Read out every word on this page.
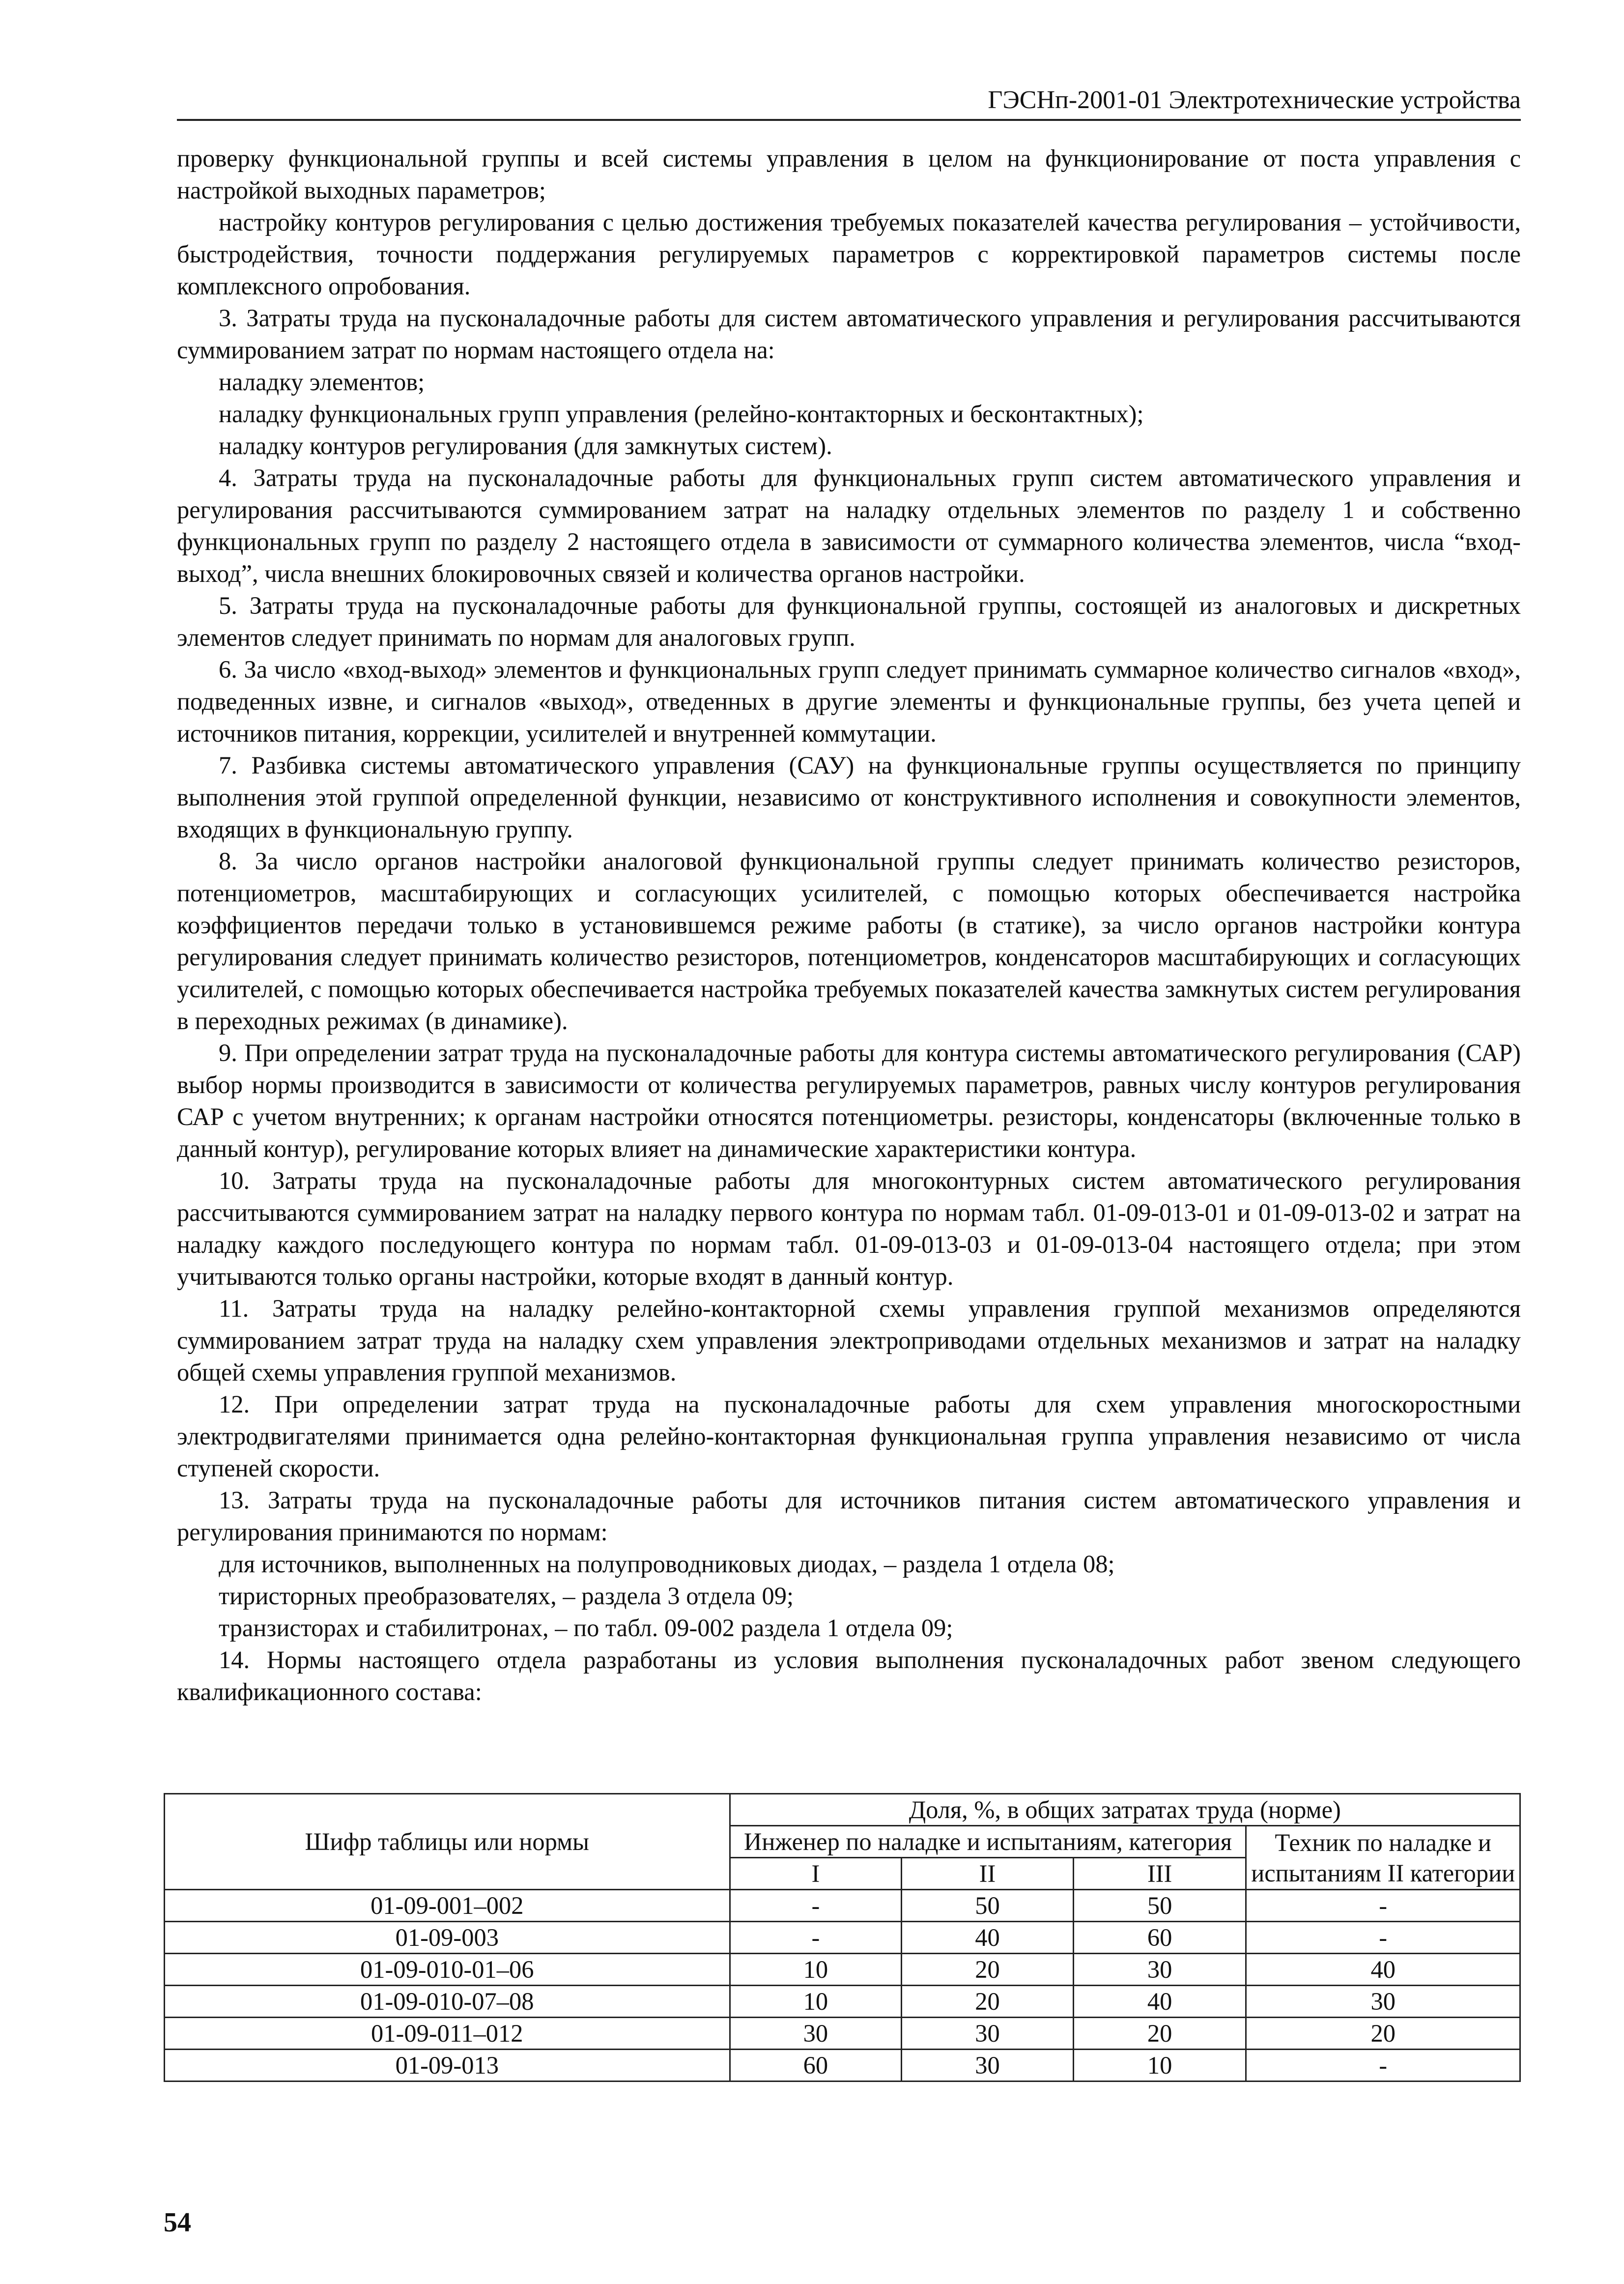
ГЭСНп-2001-01 Электротехнические устройства

проверку функциональной группы и всей системы управления в целом на функционирование от поста управления с настройкой выходных параметров;

настройку контуров регулирования с целью достижения требуемых показателей качества регулирования – устойчивости, быстродействия, точности поддержания регулируемых параметров с корректировкой параметров системы после комплексного опробования.

3. Затраты труда на пусконаладочные работы для систем автоматического управления и регулирования рассчитываются суммированием затрат по нормам настоящего отдела на:

наладку элементов;

наладку функциональных групп управления (релейно-контакторных и бесконтактных);

наладку контуров регулирования (для замкнутых систем).

4. Затраты труда на пусконаладочные работы для функциональных групп систем автоматического управления и регулирования рассчитываются суммированием затрат на наладку отдельных элементов по разделу 1 и собственно функциональных групп по разделу 2 настоящего отдела в зависимости от суммарного количества элементов, числа “вход-выход”, числа внешних блокировочных связей и количества органов настройки.

5. Затраты труда на пусконаладочные работы для функциональной группы, состоящей из аналоговых и дискретных элементов следует принимать по нормам для аналоговых групп.

6. За число «вход-выход» элементов и функциональных групп следует принимать суммарное количество сигналов «вход», подведенных извне, и сигналов «выход», отведенных в другие элементы и функциональные группы, без учета цепей и источников питания, коррекции, усилителей и внутренней коммутации.

7. Разбивка системы автоматического управления (САУ) на функциональные группы осуществляется по принципу выполнения этой группой определенной функции, независимо от конструктивного исполнения и совокупности элементов, входящих в функциональную группу.

8. За число органов настройки аналоговой функциональной группы следует принимать количество резисторов, потенциометров, масштабирующих и согласующих усилителей, с помощью которых обеспечивается настройка коэффициентов передачи только в установившемся режиме работы (в статике), за число органов настройки контура регулирования следует принимать количество резисторов, потенциометров, конденсаторов масштабирующих и согласующих усилителей, с помощью которых обеспечивается настройка требуемых показателей качества замкнутых систем регулирования в переходных режимах (в динамике).

9. При определении затрат труда на пусконаладочные работы для контура системы автоматического регулирования (САР) выбор нормы производится в зависимости от количества регулируемых параметров, равных числу контуров регулирования САР с учетом внутренних; к органам настройки относятся потенциометры. резисторы, конденсаторы (включенные только в данный контур), регулирование которых влияет на динамические характеристики контура.

10. Затраты труда на пусконаладочные работы для многоконтурных систем автоматического регулирования рассчитываются суммированием затрат на наладку первого контура по нормам табл. 01-09-013-01 и 01-09-013-02 и затрат на наладку каждого последующего контура по нормам табл. 01-09-013-03 и 01-09-013-04 настоящего отдела; при этом учитываются только органы настройки, которые входят в данный контур.

11. Затраты труда на наладку релейно-контакторной схемы управления группой механизмов определяются суммированием затрат труда на наладку схем управления электроприводами отдельных механизмов и затрат на наладку общей схемы управления группой механизмов.

12. При определении затрат труда на пусконаладочные работы для схем управления многоскоростными электродвигателями принимается одна релейно-контакторная функциональная группа управления независимо от числа ступеней скорости.

13. Затраты труда на пусконаладочные работы для источников питания систем автоматического управления и регулирования принимаются по нормам:

для источников, выполненных на полупроводниковых диодах, – раздела 1 отдела 08;

тиристорных преобразователях, – раздела 3 отдела 09;

транзисторах и стабилитронах, – по табл. 09-002 раздела 1 отдела 09;

14. Нормы настоящего отдела разработаны из условия выполнения пусконаладочных работ звеном следующего квалификационного состава:

Шифр таблицы или нормы	Доля, %, в общих затратах труда (норме)			
	Инженер по наладке и испытаниям, категория			Техник по наладке и испытаниям II категории
	I	II	III	
01-09-001–002	-	50	50	-
01-09-003	-	40	60	-
01-09-010-01–06	10	20	30	40
01-09-010-07–08	10	20	40	30
01-09-011–012	30	30	20	20
01-09-013	60	30	10	-
54
